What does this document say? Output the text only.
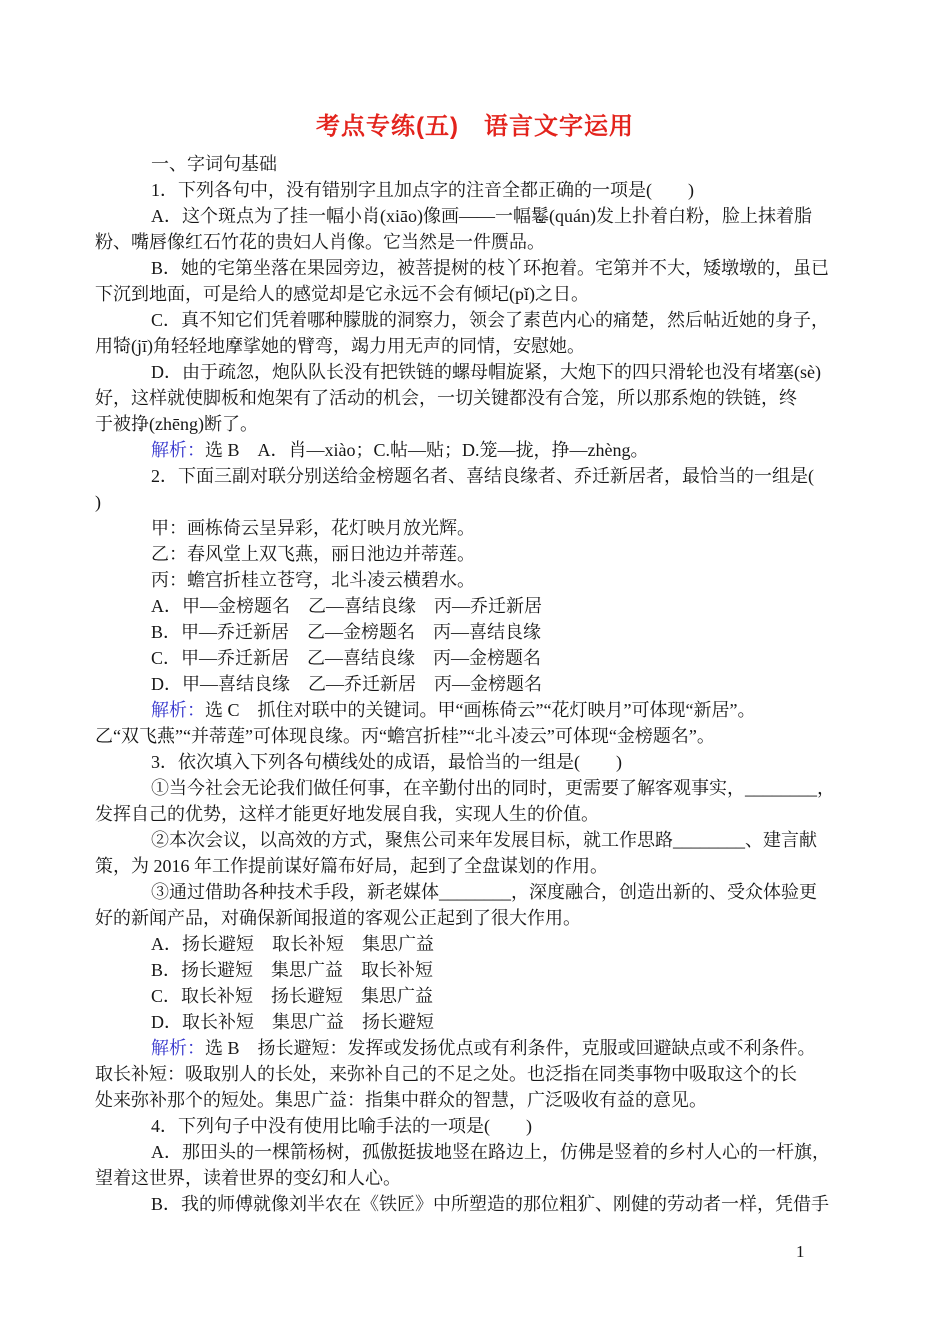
考点专练(五)　语言文字运用
一、字词句基础
1．下列各句中，没有错别字且加点字的注音全都正确的一项是(　　)
A．这个斑点为了挂一幅小肖(xiāo)像画——一幅鬈(quán)发上扑着白粉，脸上抹着脂
粉、嘴唇像红石竹花的贵妇人肖像。它当然是一件赝品。
B．她的宅第坐落在果园旁边，被菩提树的枝丫环抱着。宅第并不大，矮墩墩的，虽已
下沉到地面，可是给人的感觉却是它永远不会有倾圮(pǐ)之日。
C．真不知它们凭着哪种朦胧的洞察力，领会了素芭内心的痛楚，然后帖近她的身子，
用犄(jī)角轻轻地摩挲她的臂弯，竭力用无声的同情，安慰她。
D．由于疏忽，炮队队长没有把铁链的螺母帽旋紧，大炮下的四只滑轮也没有堵塞(sè)
好，这样就使脚板和炮架有了活动的机会，一切关键都没有合笼，所以那系炮的铁链，终
于被挣(zhēng)断了。
解析：选 B　A．肖—xiào；C.帖—贴；D.笼—拢，挣—zhèng。
2．下面三副对联分别送给金榜题名者、喜结良缘者、乔迁新居者，最恰当的一组是(
)
甲：画栋倚云呈异彩，花灯映月放光辉。
乙：春风堂上双飞燕，丽日池边并蒂莲。
丙：蟾宫折桂立苍穹，北斗凌云横碧水。
A．甲—金榜题名　乙—喜结良缘　丙—乔迁新居
B．甲—乔迁新居　乙—金榜题名　丙—喜结良缘
C．甲—乔迁新居　乙—喜结良缘　丙—金榜题名
D．甲—喜结良缘　乙—乔迁新居　丙—金榜题名
解析：选 C　抓住对联中的关键词。甲“画栋倚云”“花灯映月”可体现“新居”。
乙“双飞燕”“并蒂莲”可体现良缘。丙“蟾宫折桂”“北斗凌云”可体现“金榜题名”。
3．依次填入下列各句横线处的成语，最恰当的一组是(　　)
①当今社会无论我们做任何事，在辛勤付出的同时，更需要了解客观事实，________，
发挥自己的优势，这样才能更好地发展自我，实现人生的价值。
②本次会议，以高效的方式，聚焦公司来年发展目标，就工作思路________、建言献
策，为 2016 年工作提前谋好篇布好局，起到了全盘谋划的作用。
③通过借助各种技术手段，新老媒体________，深度融合，创造出新的、受众体验更
好的新闻产品，对确保新闻报道的客观公正起到了很大作用。
A．扬长避短　取长补短　集思广益
B．扬长避短　集思广益　取长补短
C．取长补短　扬长避短　集思广益
D．取长补短　集思广益　扬长避短
解析：选 B　扬长避短：发挥或发扬优点或有利条件，克服或回避缺点或不利条件。
取长补短：吸取别人的长处，来弥补自己的不足之处。也泛指在同类事物中吸取这个的长
处来弥补那个的短处。集思广益：指集中群众的智慧，广泛吸收有益的意见。
4．下列句子中没有使用比喻手法的一项是(　　)
A．那田头的一棵箭杨树，孤傲挺拔地竖在路边上，仿佛是竖着的乡村人心的一杆旗，
望着这世界，读着世界的变幻和人心。
B．我的师傅就像刘半农在《铁匠》中所塑造的那位粗犷、刚健的劳动者一样，凭借手
1
